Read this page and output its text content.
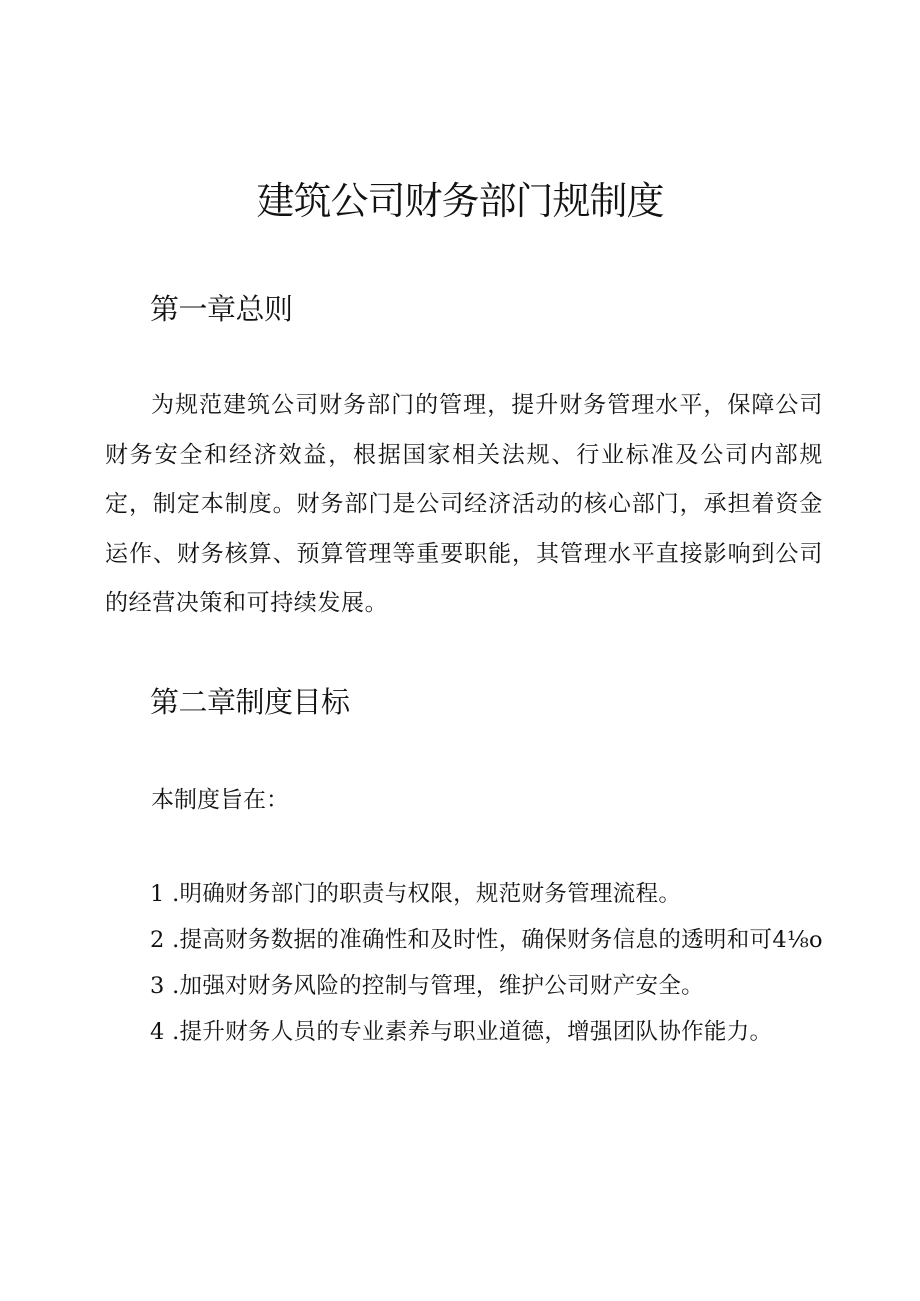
建筑公司财务部门规制度
第一章总则

为规范建筑公司财务部门的管理，提升财务管理水平，保障公司财务安全和经济效益，根据国家相关法规、行业标准及公司内部规定，制定本制度。财务部门是公司经济活动的核心部门，承担着资金运作、财务核算、预算管理等重要职能，其管理水平直接影响到公司的经营决策和可持续发展。

第二章制度目标

本制度旨在：

1 .明确财务部门的职责与权限，规范财务管理流程。
2 .提高财务数据的准确性和及时性，确保财务信息的透明和可4⅛o
3 .加强对财务风险的控制与管理，维护公司财产安全。
4 .提升财务人员的专业素养与职业道德，增强团队协作能力。
